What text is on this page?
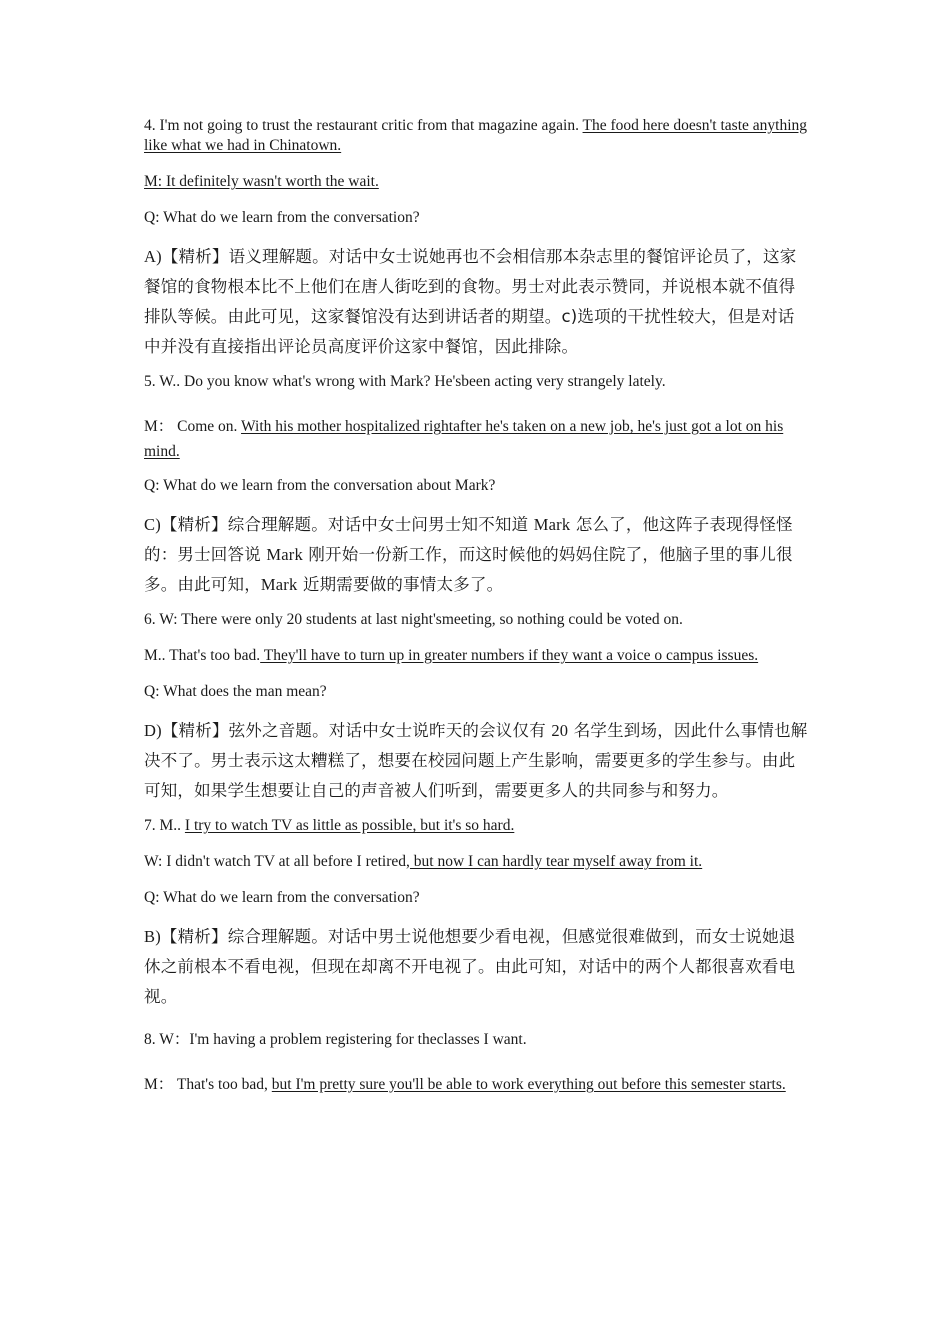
4. I'm not going to trust the restaurant critic from that magazine again. The food here doesn't taste anything like what we had in Chinatown.

M: It definitely wasn't worth the wait.

Q: What do we learn from the conversation?

A)【精析】语义理解题。对话中女士说她再也不会相信那本杂志里的餐馆评论员了，这家餐馆的食物根本比不上他们在唐人街吃到的食物。男士对此表示赞同，并说根本就不值得排队等候。由此可见，这家餐馆没有达到讲话者的期望。c)选项的干扰性较大，但是对话中并没有直接指出评论员高度评价这家中餐馆，因此排除。

5. W.. Do you know what's wrong with Mark? He'sbeen acting very strangely lately.

M： Come on. With his mother hospitalized rightafter he's taken on a new job, he's just got a lot on his mind.

Q: What do we learn from the conversation about Mark?

C)【精析】综合理解题。对话中女士问男士知不知道 Mark 怎么了，他这阵子表现得怪怪的：男士回答说 Mark 刚开始一份新工作，而这时候他的妈妈住院了，他脑子里的事儿很多。由此可知，Mark 近期需要做的事情太多了。

6. W: There were only 20 students at last night'smeeting, so nothing could be voted on.

M.. That's too bad. They'll have to turn up in greater numbers if they want a voice o campus issues.

Q: What does the man mean?

D)【精析】弦外之音题。对话中女士说昨天的会议仅有 20 名学生到场，因此什么事情也解决不了。男士表示这太糟糕了，想要在校园问题上产生影响，需要更多的学生参与。由此可知，如果学生想要让自己的声音被人们听到，需要更多人的共同参与和努力。

7. M.. I try to watch TV as little as possible, but it's so hard.

W: I didn't watch TV at all before I retired, but now I can hardly tear myself away from it.

Q: What do we learn from the conversation?

B)【精析】综合理解题。对话中男士说他想要少看电视，但感觉很难做到，而女士说她退休之前根本不看电视，但现在却离不开电视了。由此可知，对话中的两个人都很喜欢看电视。

8. W：I'm having a problem registering for theclasses I want.

M： That's too bad, but I'm pretty sure you'll be able to work everything out before this semester starts.
